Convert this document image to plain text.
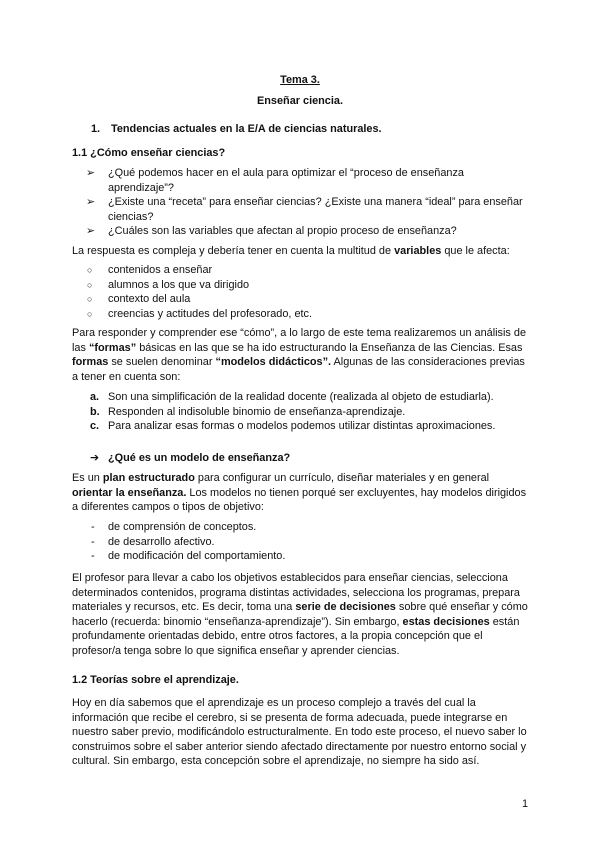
Tema 3.
Enseñar ciencia.
1. Tendencias actuales en la E/A de ciencias naturales.
1.1 ¿Cómo enseñar ciencias?
➢ ¿Qué podemos hacer en el aula para optimizar el “proceso de enseñanza aprendizaje”?
➢ ¿Existe una “receta” para enseñar ciencias? ¿Existe una manera “ideal” para enseñar ciencias?
➢ ¿Cuáles son las variables que afectan al propio proceso de enseñanza?
La respuesta es compleja y debería tener en cuenta la multitud de variables que le afecta:
○ contenidos a enseñar
○ alumnos a los que va dirigido
○ contexto del aula
○ creencias y actitudes del profesorado, etc.
Para responder y comprender ese “cómo”, a lo largo de este tema realizaremos un análisis de las “formas” básicas en las que se ha ido estructurando la Enseñanza de las Ciencias. Esas formas se suelen denominar “modelos didácticos”. Algunas de las consideraciones previas a tener en cuenta son:
a. Son una simplificación de la realidad docente (realizada al objeto de estudiarla).
b. Responden al indisoluble binomio de enseñanza-aprendizaje.
c. Para analizar esas formas o modelos podemos utilizar distintas aproximaciones.
➔ ¿Qué es un modelo de enseñanza?
Es un plan estructurado para configurar un currículo, diseñar materiales y en general orientar la enseñanza. Los modelos no tienen porqué ser excluyentes, hay modelos dirigidos a diferentes campos o tipos de objetivo:
- de comprensión de conceptos.
- de desarrollo afectivo.
- de modificación del comportamiento.
El profesor para llevar a cabo los objetivos establecidos para enseñar ciencias, selecciona determinados contenidos, programa distintas actividades, selecciona los programas, prepara materiales y recursos, etc. Es decir, toma una serie de decisiones sobre qué enseñar y cómo hacerlo (recuerda: binomio “enseñanza-aprendizaje”). Sin embargo, estas decisiones están profundamente orientadas debido, entre otros factores, a la propia concepción que el profesor/a tenga sobre lo que significa enseñar y aprender ciencias.
1.2 Teorías sobre el aprendizaje.
Hoy en día sabemos que el aprendizaje es un proceso complejo a través del cual la información que recibe el cerebro, si se presenta de forma adecuada, puede integrarse en nuestro saber previo, modificándolo estructuralmente. En todo este proceso, el nuevo saber lo construimos sobre el saber anterior siendo afectado directamente por nuestro entorno social y cultural. Sin embargo, esta concepción sobre el aprendizaje, no siempre ha sido así.
1
